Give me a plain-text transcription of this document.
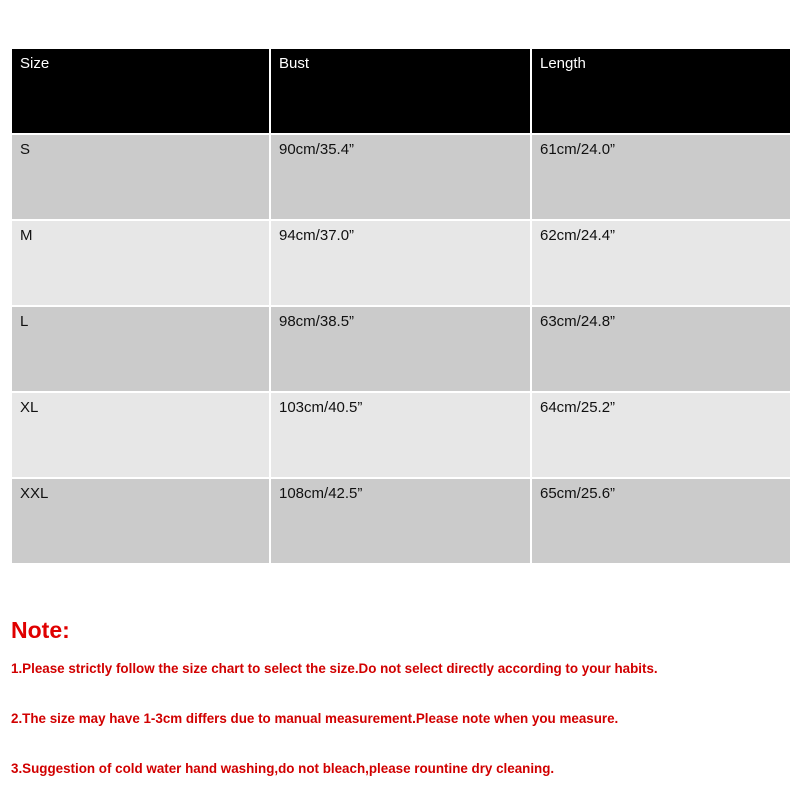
Size	Bust	Length
S	90cm/35.4”	61cm/24.0”
M	94cm/37.0”	62cm/24.4”
L	98cm/38.5”	63cm/24.8”
XL	103cm/40.5”	64cm/25.2”
XXL	108cm/42.5”	65cm/25.6”
Note:
1.Please strictly follow the size chart to select the size.Do not select directly according to your habits.
2.The size may have 1-3cm differs due to manual measurement.Please note when you measure.
3.Suggestion of cold water hand washing,do not bleach,please rountine dry cleaning.
